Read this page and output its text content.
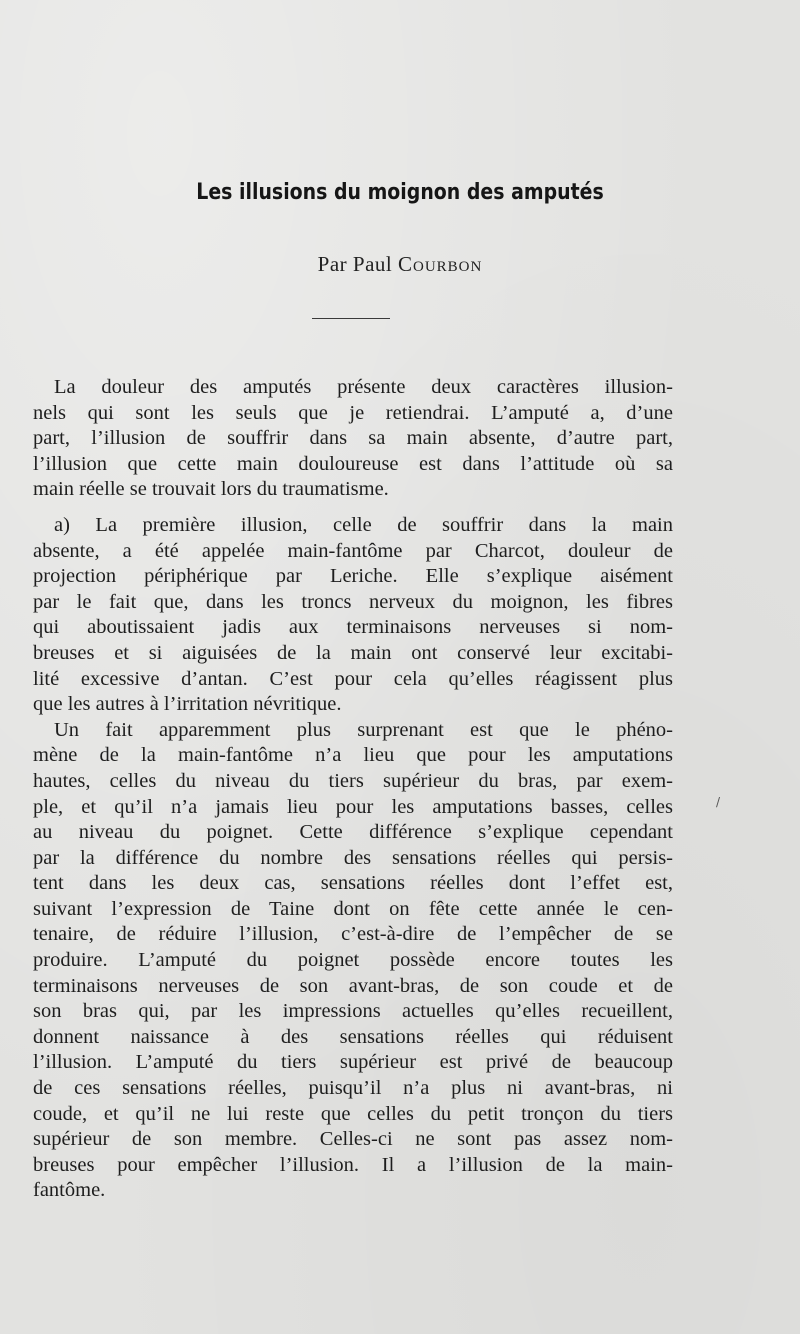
Les illusions du moignon des amputés
Par Paul Courbon
La douleur des amputés présente deux caractères illusion-
nels qui sont les seuls que je retiendrai. L’amputé a, d’une
part, l’illusion de souffrir dans sa main absente, d’autre part,
l’illusion que cette main douloureuse est dans l’attitude où sa
main réelle se trouvait lors du traumatisme.
a) La première illusion, celle de souffrir dans la main
absente, a été appelée main-fantôme par Charcot, douleur de
projection périphérique par Leriche. Elle s’explique aisément
par le fait que, dans les troncs nerveux du moignon, les fibres
qui aboutissaient jadis aux terminaisons nerveuses si nom-
breuses et si aiguisées de la main ont conservé leur excitabi-
lité excessive d’antan. C’est pour cela qu’elles réagissent plus
que les autres à l’irritation névritique.
Un fait apparemment plus surprenant est que le phéno-
mène de la main-fantôme n’a lieu que pour les amputations
hautes, celles du niveau du tiers supérieur du bras, par exem-
ple, et qu’il n’a jamais lieu pour les amputations basses, celles
au niveau du poignet. Cette différence s’explique cependant
par la différence du nombre des sensations réelles qui persis-
tent dans les deux cas, sensations réelles dont l’effet est,
suivant l’expression de Taine dont on fête cette année le cen-
tenaire, de réduire l’illusion, c’est-à-dire de l’empêcher de se
produire. L’amputé du poignet possède encore toutes les
terminaisons nerveuses de son avant-bras, de son coude et de
son bras qui, par les impressions actuelles qu’elles recueillent,
donnent naissance à des sensations réelles qui réduisent
l’illusion. L’amputé du tiers supérieur est privé de beaucoup
de ces sensations réelles, puisqu’il n’a plus ni avant-bras, ni
coude, et qu’il ne lui reste que celles du petit tronçon du tiers
supérieur de son membre. Celles-ci ne sont pas assez nom-
breuses pour empêcher l’illusion. Il a l’illusion de la main-
fantôme.
/
